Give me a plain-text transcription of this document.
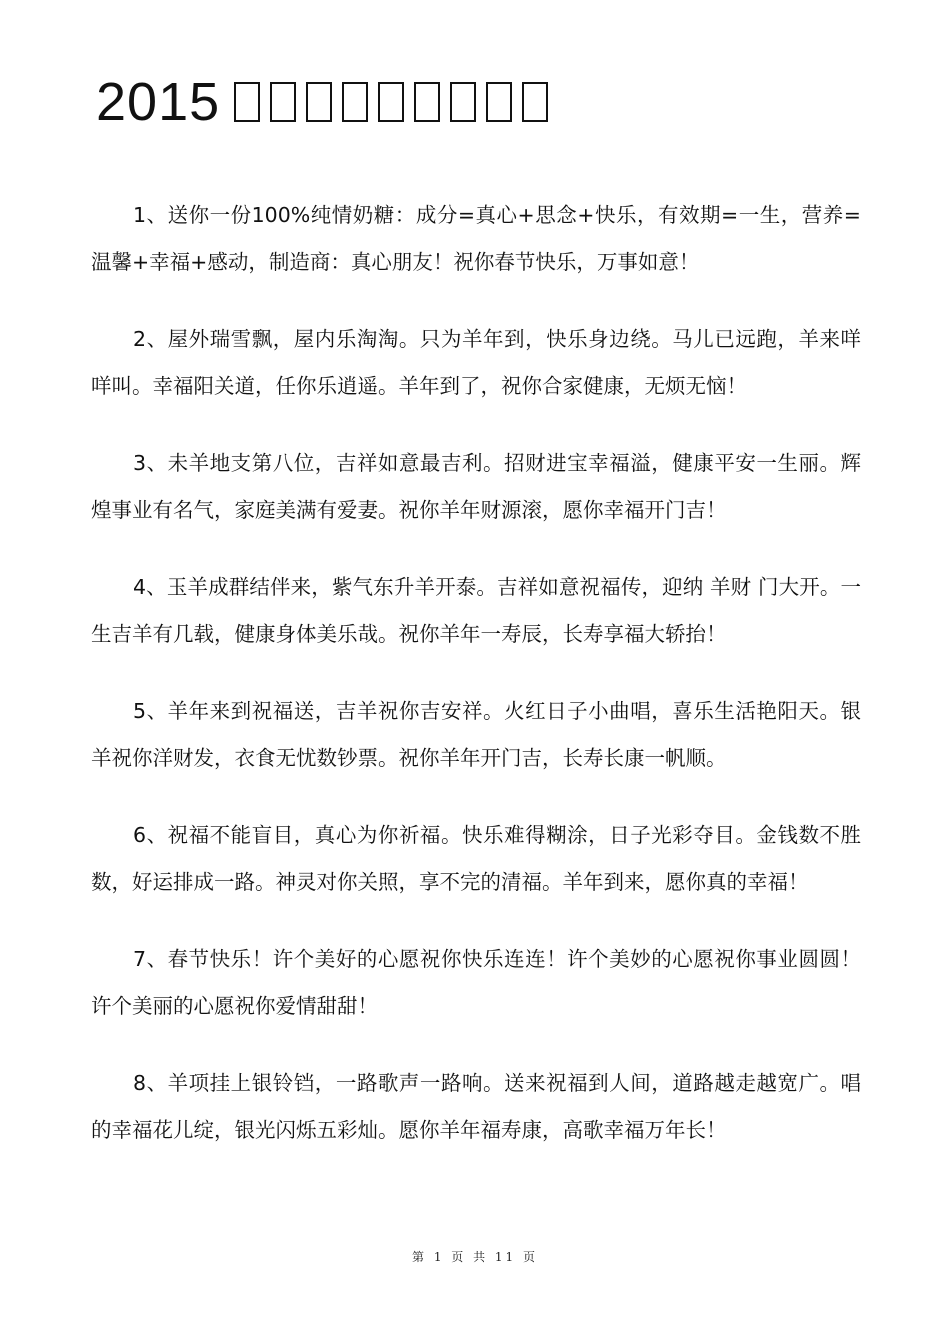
2015

1、送你一份100%纯情奶糖：成分=真心+思念+快乐，有效期=一生，营养=温馨+幸福+感动，制造商：真心朋友！祝你春节快乐，万事如意！

2、屋外瑞雪飘，屋内乐淘淘。只为羊年到，快乐身边绕。马儿已远跑，羊来咩咩叫。幸福阳关道，任你乐逍遥。羊年到了，祝你合家健康，无烦无恼！

3、未羊地支第八位，吉祥如意最吉利。招财进宝幸福溢，健康平安一生丽。辉煌事业有名气，家庭美满有爱妻。祝你羊年财源滚，愿你幸福开门吉！

4、玉羊成群结伴来，紫气东升羊开泰。吉祥如意祝福传，迎纳 羊财 门大开。一生吉羊有几载，健康身体美乐哉。祝你羊年一寿辰，长寿享福大轿抬！

5、羊年来到祝福送，吉羊祝你吉安祥。火红日子小曲唱，喜乐生活艳阳天。银羊祝你洋财发，衣食无忧数钞票。祝你羊年开门吉，长寿长康一帆顺。

6、祝福不能盲目，真心为你祈福。快乐难得糊涂，日子光彩夺目。金钱数不胜数，好运排成一路。神灵对你关照，享不完的清福。羊年到来，愿你真的幸福！

7、春节快乐！许个美好的心愿祝你快乐连连！许个美妙的心愿祝你事业圆圆！许个美丽的心愿祝你爱情甜甜！

8、羊项挂上银铃铛，一路歌声一路响。送来祝福到人间，道路越走越宽广。唱的幸福花儿绽，银光闪烁五彩灿。愿你羊年福寿康，高歌幸福万年长！

第 1 页 共 11 页
